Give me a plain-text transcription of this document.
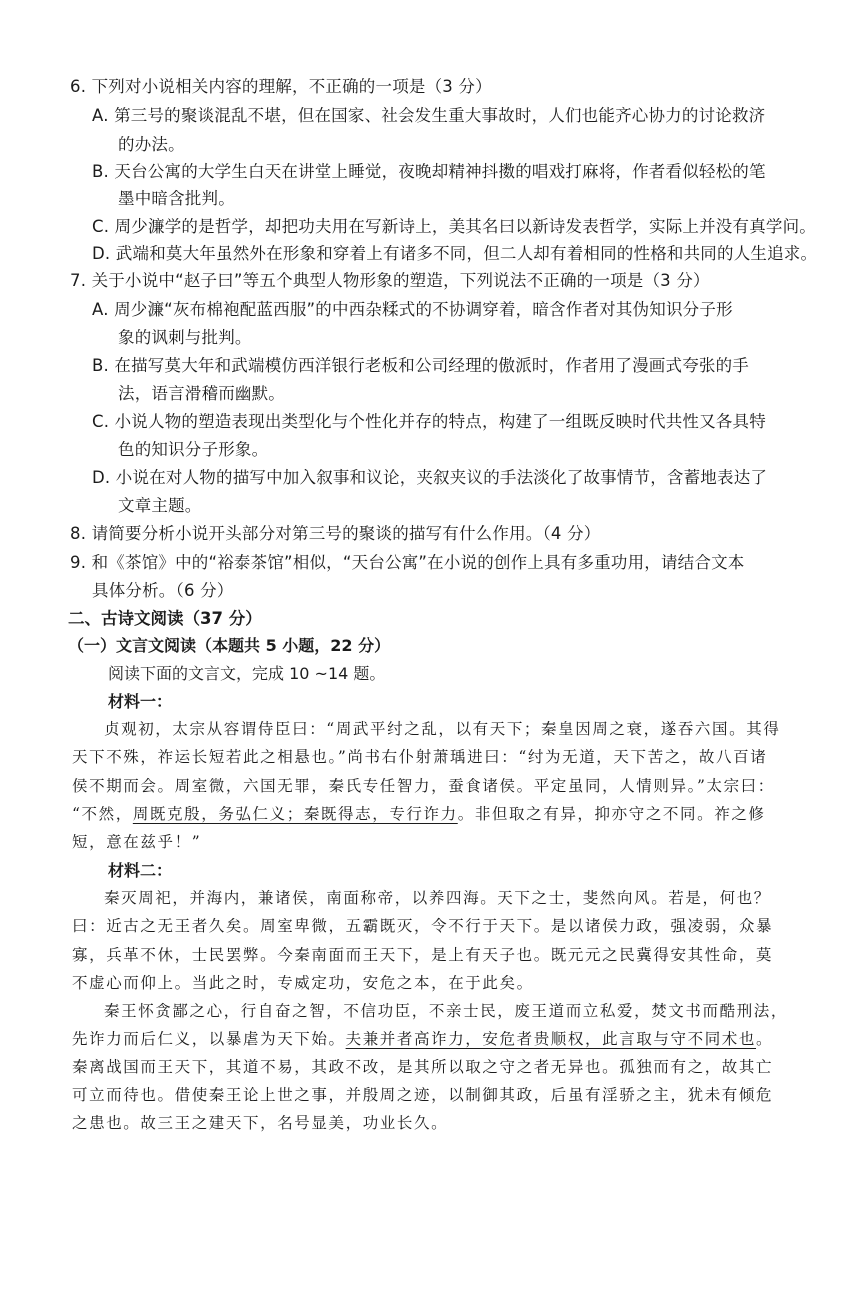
6. 下列对小说相关内容的理解，不正确的一项是（3 分）
A. 第三号的聚谈混乱不堪，但在国家、社会发生重大事故时，人们也能齐心协力的讨论救济
的办法。
B. 天台公寓的大学生白天在讲堂上睡觉，夜晚却精神抖擞的唱戏打麻将，作者看似轻松的笔
墨中暗含批判。
C. 周少濂学的是哲学，却把功夫用在写新诗上，美其名曰以新诗发表哲学，实际上并没有真学问。
D. 武端和莫大年虽然外在形象和穿着上有诸多不同，但二人却有着相同的性格和共同的人生追求。
7. 关于小说中“赵子曰”等五个典型人物形象的塑造，下列说法不正确的一项是（3 分）
A. 周少濂“灰布棉袍配蓝西服”的中西杂糅式的不协调穿着，暗含作者对其伪知识分子形
象的讽刺与批判。
B. 在描写莫大年和武端模仿西洋银行老板和公司经理的傲派时，作者用了漫画式夸张的手
法，语言滑稽而幽默。
C. 小说人物的塑造表现出类型化与个性化并存的特点，构建了一组既反映时代共性又各具特
色的知识分子形象。
D. 小说在对人物的描写中加入叙事和议论，夹叙夹议的手法淡化了故事情节，含蓄地表达了
文章主题。
8. 请简要分析小说开头部分对第三号的聚谈的描写有什么作用。（4 分）
9. 和《茶馆》中的“裕泰茶馆”相似，“天台公寓”在小说的创作上具有多重功用，请结合文本
具体分析。（6 分）
二、古诗文阅读（37 分）
（一）文言文阅读（本题共 5 小题，22 分）
阅读下面的文言文，完成 10 ~14 题。
材料一：
贞观初，太宗从容谓侍臣曰：“周武平纣之乱，以有天下；秦皇因周之衰，遂吞六国。其得
天下不殊，祚运长短若此之相悬也。”尚书右仆射萧瑀进曰：“纣为无道，天下苦之，故八百诸
侯不期而会。周室微，六国无罪，秦氏专任智力，蚕食诸侯。平定虽同，人情则异。”太宗曰：
“不然，周既克殷，务弘仁义；秦既得志，专行诈力。非但取之有异，抑亦守之不同。祚之修
短，意在兹乎！”
材料二：
秦灭周祀，并海内，兼诸侯，南面称帝，以养四海。天下之士，斐然向风。若是，何也？
曰：近古之无王者久矣。周室卑微，五霸既灭，令不行于天下。是以诸侯力政，强凌弱，众暴
寡，兵革不休，士民罢弊。今秦南面而王天下，是上有天子也。既元元之民冀得安其性命，莫
不虚心而仰上。当此之时，专威定功，安危之本，在于此矣。
秦王怀贪鄙之心，行自奋之智，不信功臣，不亲士民，废王道而立私爱，焚文书而酷刑法，
先诈力而后仁义，以暴虐为天下始。夫兼并者高诈力，安危者贵顺权，此言取与守不同术也。
秦离战国而王天下，其道不易，其政不改，是其所以取之守之者无异也。孤独而有之，故其亡
可立而待也。借使秦王论上世之事，并殷周之迹，以制御其政，后虽有淫骄之主，犹未有倾危
之患也。故三王之建天下，名号显美，功业长久。
